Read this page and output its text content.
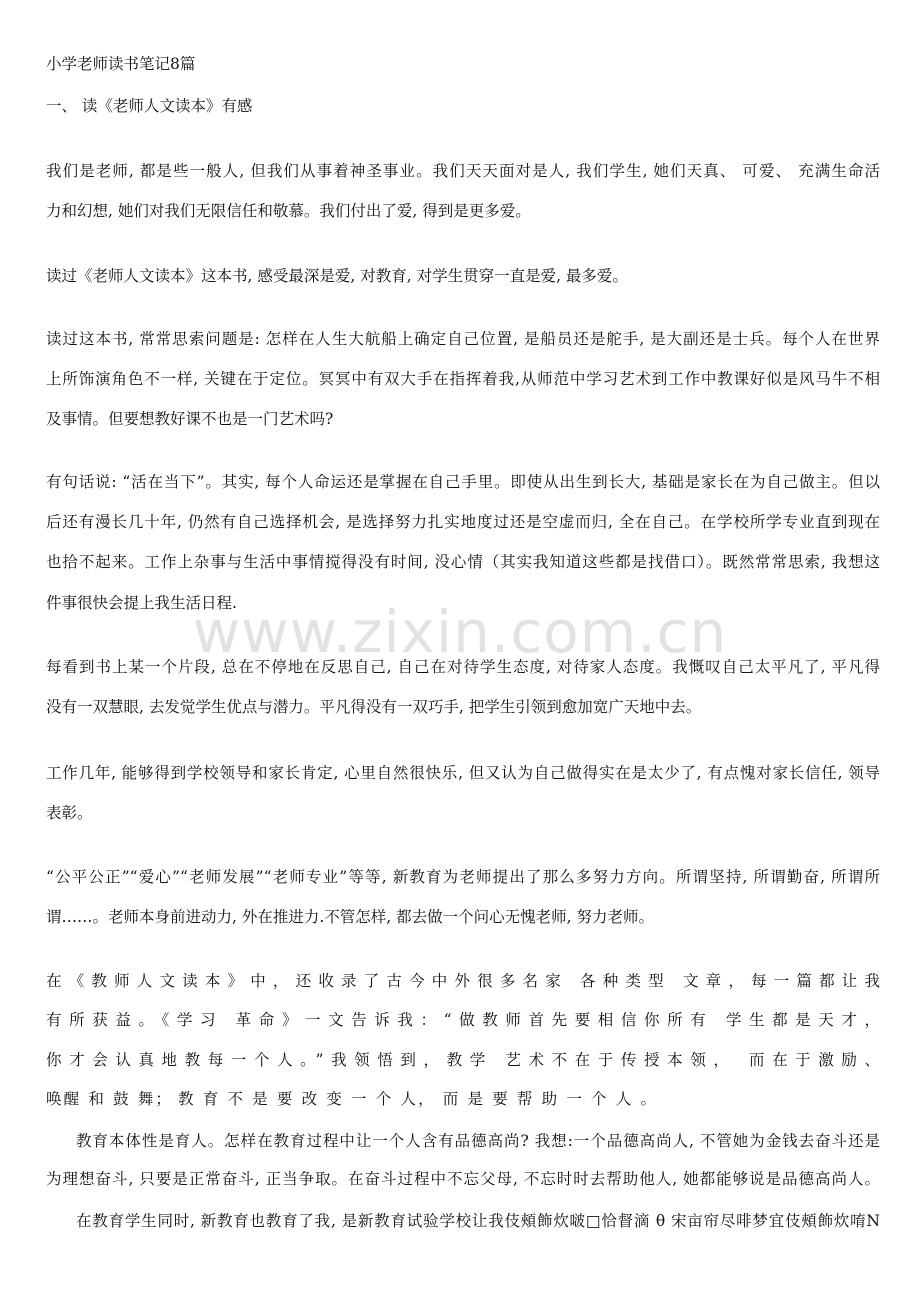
小学老师读书笔记8篇
一、 读《老师人文读本》有感
我们是老师, 都是些一般人, 但我们从事着神圣事业。我们天天面对是人, 我们学生, 她们天真、 可爱、 充满生命活
力和幻想, 她们对我们无限信任和敬慕。我们付出了爱, 得到是更多爱。
读过《老师人文读本》这本书, 感受最深是爱, 对教育, 对学生贯穿一直是爱, 最多爱。
读过这本书, 常常思索问题是: 怎样在人生大航船上确定自己位置, 是船员还是舵手, 是大副还是士兵。每个人在世界
上所饰演角色不一样, 关键在于定位。冥冥中有双大手在指挥着我,从师范中学习艺术到工作中教课好似是风马牛不相
及事情。但要想教好课不也是一门艺术吗?
有句话说: “活在当下”。其实, 每个人命运还是掌握在自己手里。即使从出生到长大, 基础是家长在为自己做主。但以
后还有漫长几十年, 仍然有自己选择机会, 是选择努力扎实地度过还是空虚而归, 全在自己。在学校所学专业直到现在
也拾不起来。工作上杂事与生活中事情搅得没有时间, 没心情（其实我知道这些都是找借口）。既然常常思索, 我想这
件事很快会提上我生活日程.
每看到书上某一个片段, 总在不停地在反思自己, 自己在对待学生态度, 对待家人态度。我慨叹自己太平凡了, 平凡得
没有一双慧眼, 去发觉学生优点与潜力。平凡得没有一双巧手, 把学生引领到愈加宽广天地中去。
工作几年, 能够得到学校领导和家长肯定, 心里自然很快乐, 但又认为自己做得实在是太少了, 有点愧对家长信任, 领导
表彰。
“公平公正”“爱心”“老师发展”“老师专业”等等, 新教育为老师提出了那么多努力方向。所谓坚持, 所谓勤奋, 所谓所
谓……。老师本身前进动力, 外在推进力.不管怎样, 都去做一个问心无愧老师, 努力老师。
在《教师人文读本》中，还收录了古今中外很多名家 各种类型 文章，每一篇都让我
有所获益。《学习 革命》一文告诉我：“做教师首先要相信你所有 学生都是天才，
你才会认真地教每一个人。”我领悟到，教学 艺术不在于传授本领， 而在于激励、
唤醒 和 鼓 舞； 教 育 不 是 要 改 变 一 个 人， 而 是 要 帮 助 一 个 人 。
教育本体性是育人。怎样在教育过程中让一个人含有品德高尚? 我想:一个品德高尚人, 不管她为金钱去奋斗还是
为理想奋斗, 只要是正常奋斗, 正当争取。在奋斗过程中不忘父母, 不忘时时去帮助他人, 她都能够说是品德高尚人。
在教育学生同时, 新教育也教育了我, 是新教育试验学校让我伎頰飾炊啵□恰督滴 θ 宋亩帘尽啡梦宜伎頰飾炊唷N
www.zixin.com.cn
